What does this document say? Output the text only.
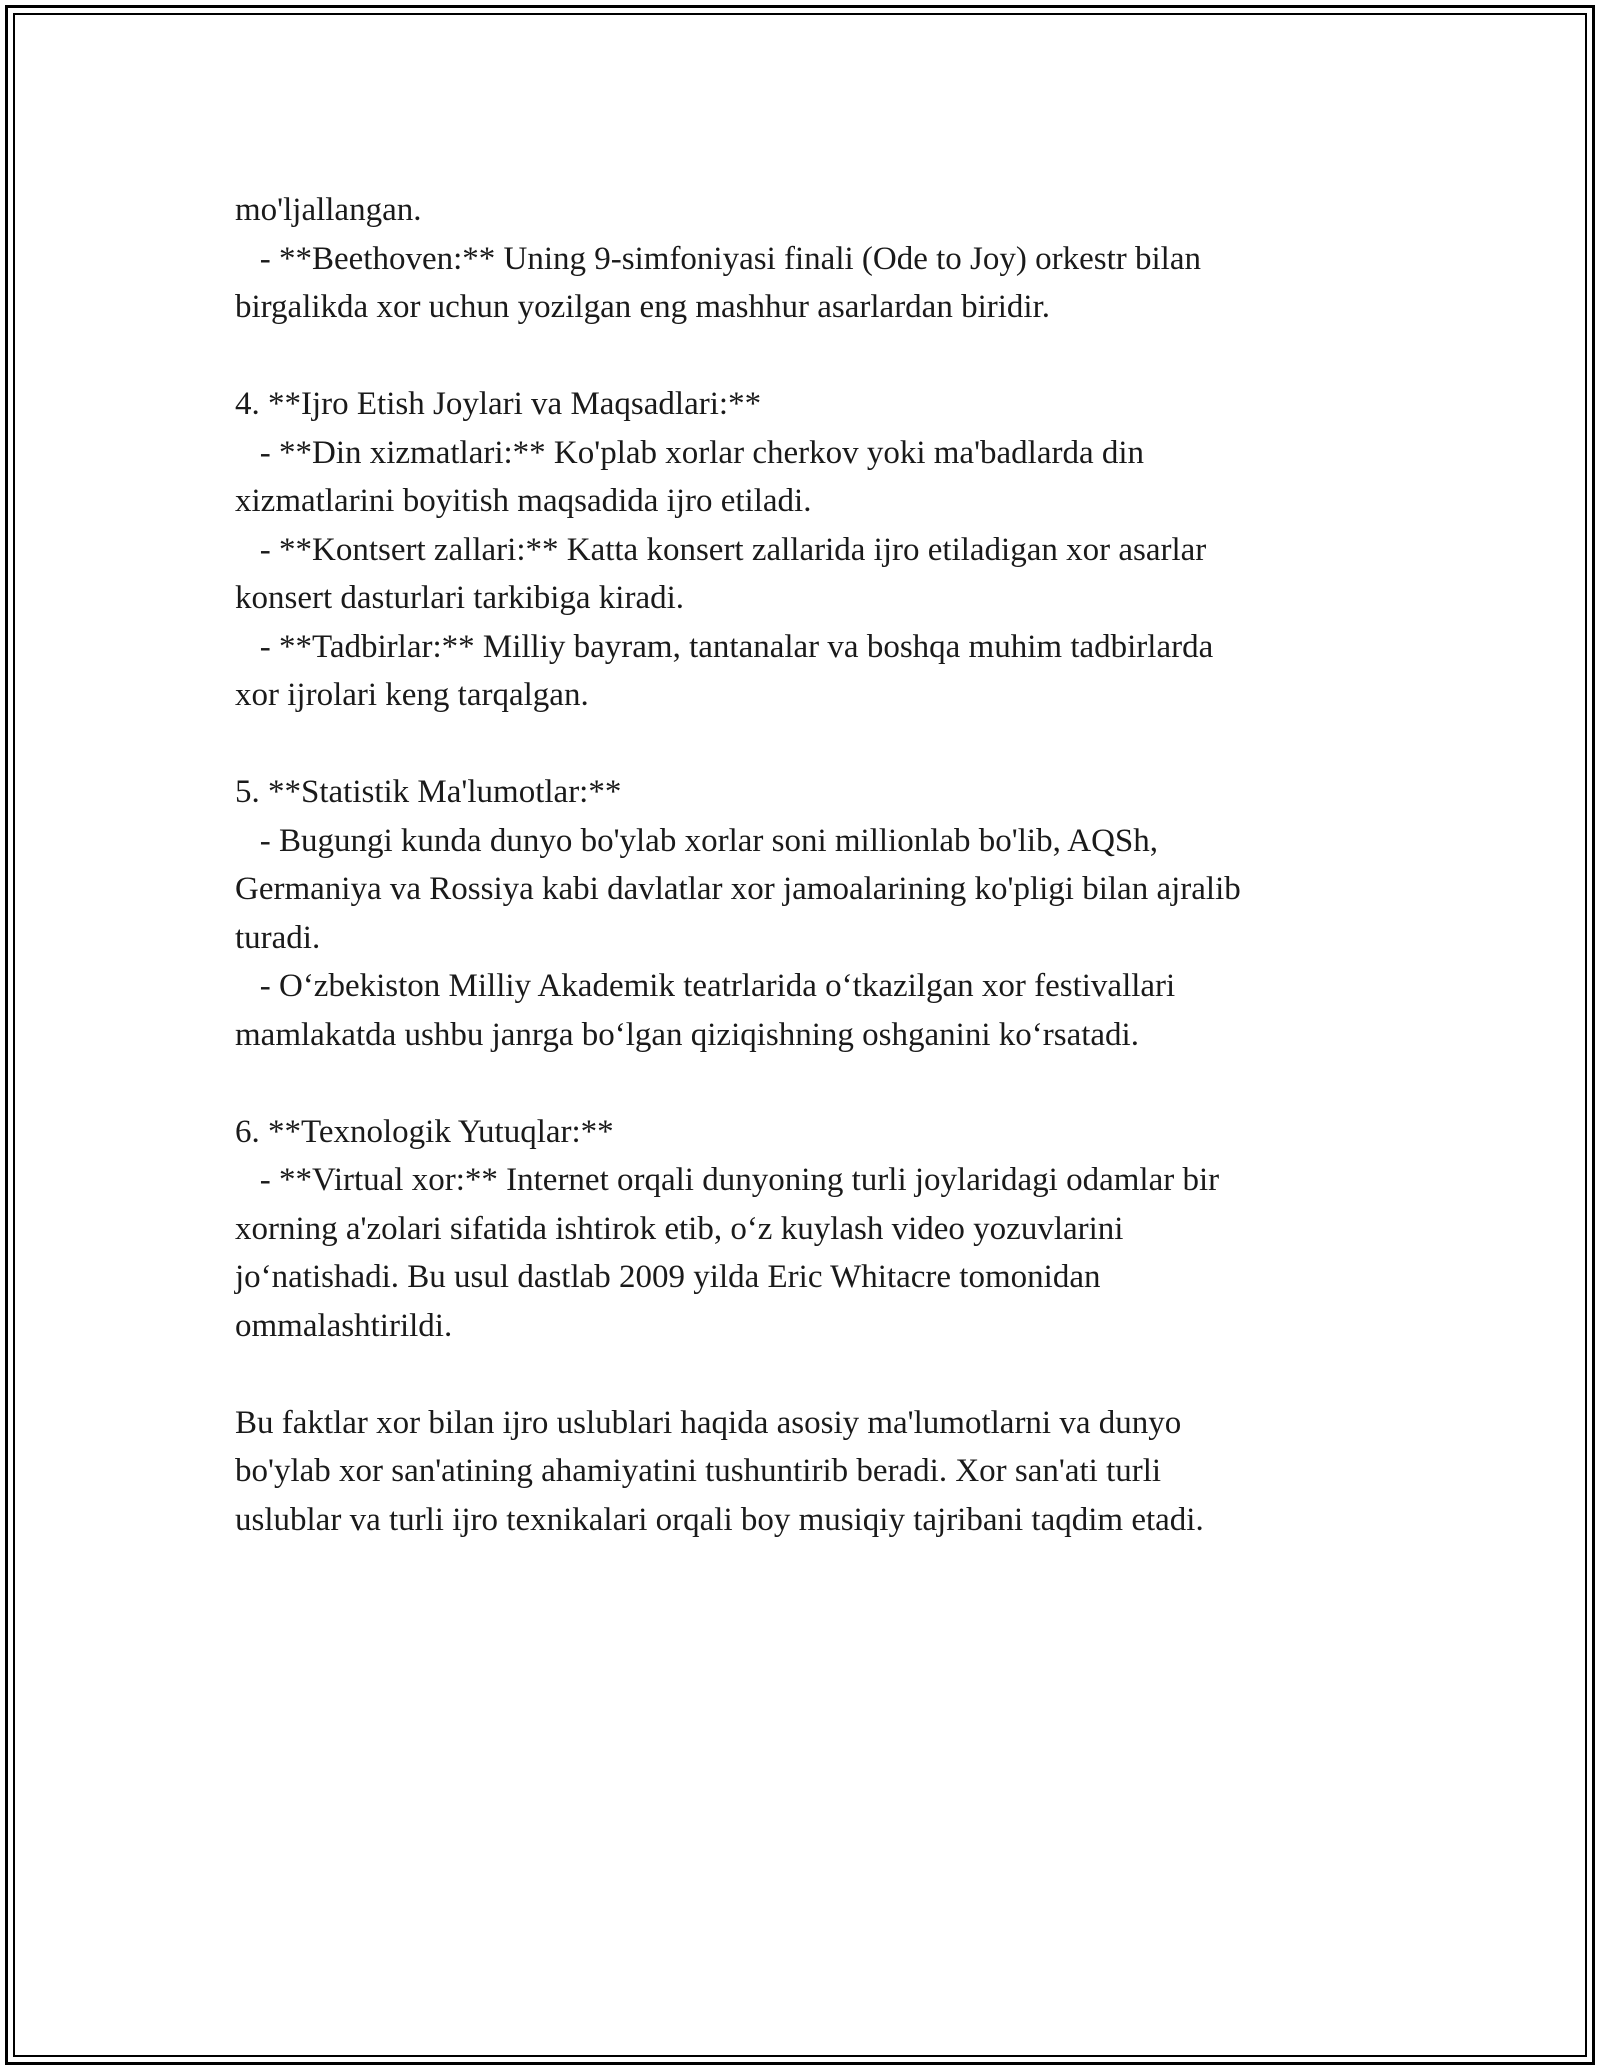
mo'ljallangan.
- **Beethoven:** Uning 9-simfoniyasi finali (Ode to Joy) orkestr bilan
birgalikda xor uchun yozilgan eng mashhur asarlardan biridir.
4. **Ijro Etish Joylari va Maqsadlari:**
- **Din xizmatlari:** Ko'plab xorlar cherkov yoki ma'badlarda din
xizmatlarini boyitish maqsadida ijro etiladi.
- **Kontsert zallari:** Katta konsert zallarida ijro etiladigan xor asarlar
konsert dasturlari tarkibiga kiradi.
- **Tadbirlar:** Milliy bayram, tantanalar va boshqa muhim tadbirlarda
xor ijrolari keng tarqalgan.
5. **Statistik Ma'lumotlar:**
- Bugungi kunda dunyo bo'ylab xorlar soni millionlab bo'lib, AQSh,
Germaniya va Rossiya kabi davlatlar xor jamoalarining ko'pligi bilan ajralib
turadi.
- O‘zbekiston Milliy Akademik teatrlarida o‘tkazilgan xor festivallari
mamlakatda ushbu janrga bo‘lgan qiziqishning oshganini ko‘rsatadi.
6. **Texnologik Yutuqlar:**
- **Virtual xor:** Internet orqali dunyoning turli joylaridagi odamlar bir
xorning a'zolari sifatida ishtirok etib, o‘z kuylash video yozuvlarini
jo‘natishadi. Bu usul dastlab 2009 yilda Eric Whitacre tomonidan
ommalashtirildi.
Bu faktlar xor bilan ijro uslublari haqida asosiy ma'lumotlarni va dunyo
bo'ylab xor san'atining ahamiyatini tushuntirib beradi. Xor san'ati turli
uslublar va turli ijro texnikalari orqali boy musiqiy tajribani taqdim etadi.
